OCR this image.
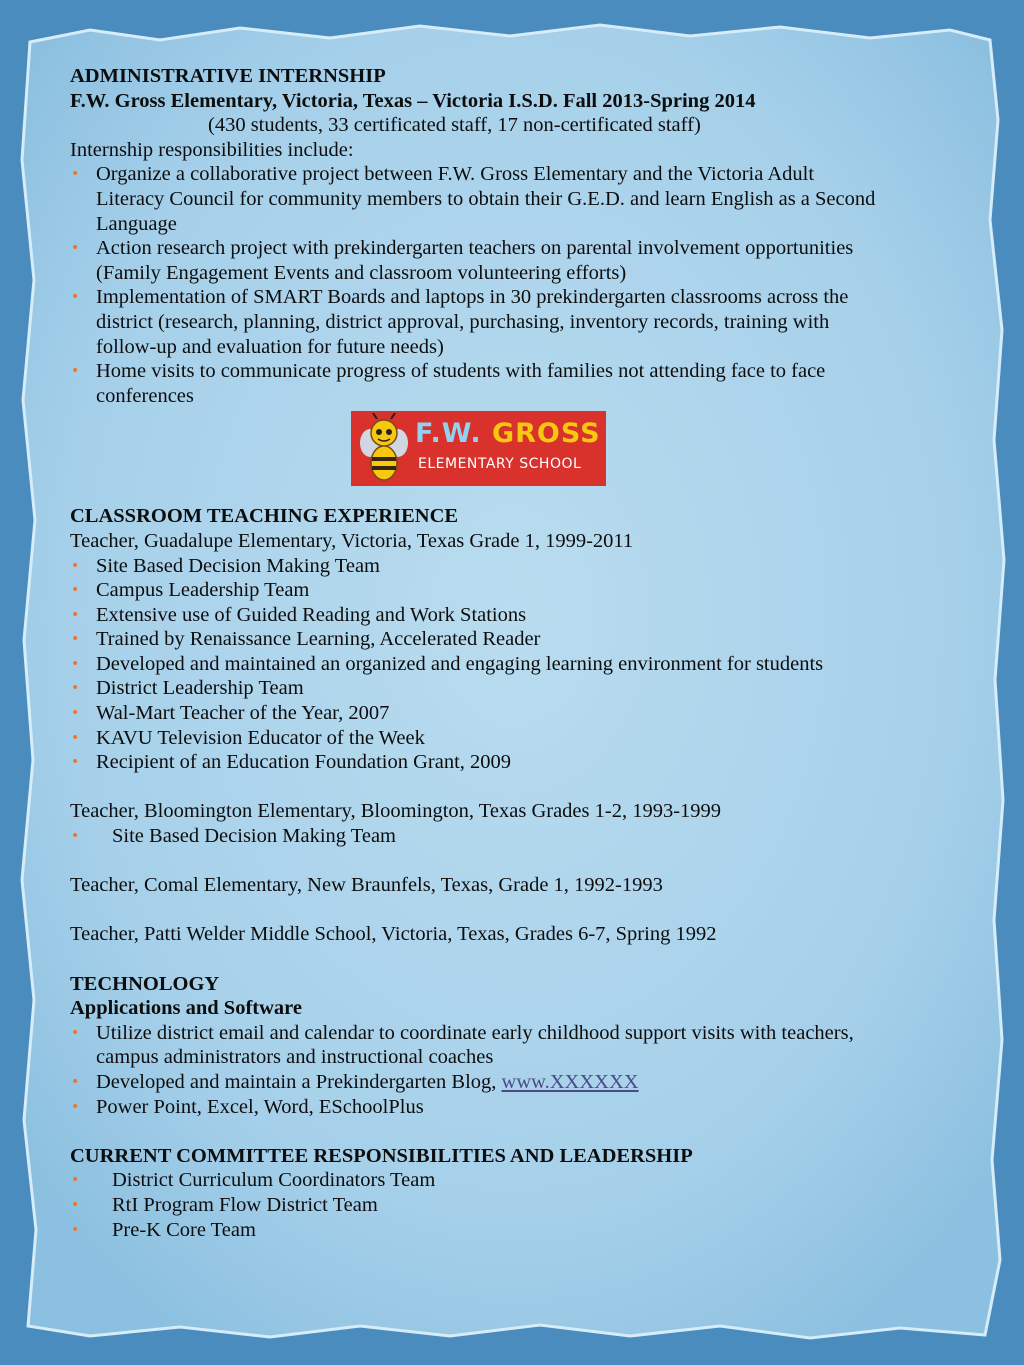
ADMINISTRATIVE INTERNSHIP
F.W. Gross Elementary, Victoria, Texas – Victoria I.S.D. Fall 2013-Spring 2014
(430 students, 33 certificated staff, 17 non-certificated staff)
Internship responsibilities include:
• Organize a collaborative project between F.W. Gross Elementary and the Victoria Adult
Literacy Council for community members to obtain their G.E.D. and learn English as a Second
Language
• Action research project with prekindergarten teachers on parental involvement opportunities
(Family Engagement Events and classroom volunteering efforts)
• Implementation of SMART Boards and laptops in 30 prekindergarten classrooms across the
district (research, planning, district approval, purchasing, inventory records, training with
follow-up and evaluation for future needs)
• Home visits to communicate progress of students with families not attending face to face
conferences
F.W. GROSS
ELEMENTARY SCHOOL
CLASSROOM TEACHING EXPERIENCE
Teacher, Guadalupe Elementary, Victoria, Texas Grade 1, 1999-2011
• Site Based Decision Making Team
• Campus Leadership Team
• Extensive use of Guided Reading and Work Stations
• Trained by Renaissance Learning, Accelerated Reader
• Developed and maintained an organized and engaging learning environment for students
• District Leadership Team
• Wal-Mart Teacher of the Year, 2007
• KAVU Television Educator of the Week
• Recipient of an Education Foundation Grant, 2009
Teacher, Bloomington Elementary, Bloomington, Texas Grades 1-2, 1993-1999
• Site Based Decision Making Team
Teacher, Comal Elementary, New Braunfels, Texas, Grade 1, 1992-1993
Teacher, Patti Welder Middle School, Victoria, Texas, Grades 6-7, Spring 1992
TECHNOLOGY
Applications and Software
• Utilize district email and calendar to coordinate early childhood support visits with teachers,
campus administrators and instructional coaches
• Developed and maintain a Prekindergarten Blog, www.XXXXXX
• Power Point, Excel, Word, ESchoolPlus
CURRENT COMMITTEE RESPONSIBILITIES AND LEADERSHIP
• District Curriculum Coordinators Team
• RtI Program Flow District Team
• Pre-K Core Team
